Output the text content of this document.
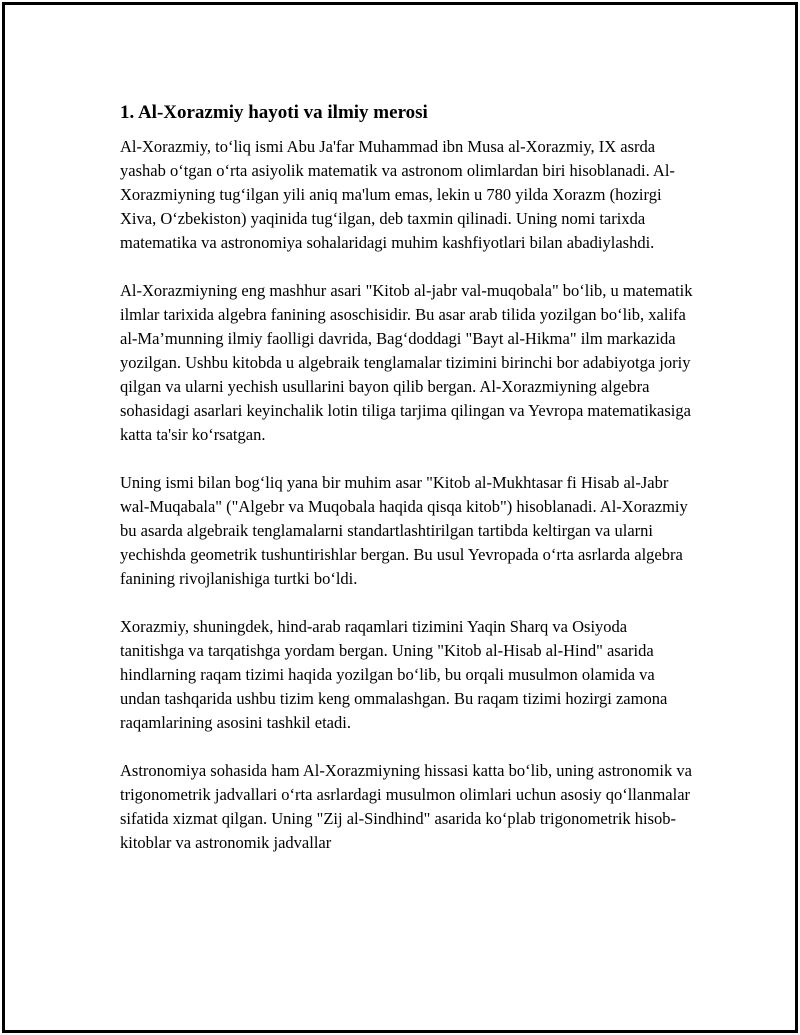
1. Al-Xorazmiy hayoti va ilmiy merosi

Al-Xorazmiy, to‘liq ismi Abu Ja'far Muhammad ibn Musa al-Xorazmiy, IX asrda yashab o‘tgan o‘rta asiyolik matematik va astronom olimlardan biri hisoblanadi. Al-Xorazmiyning tug‘ilgan yili aniq ma'lum emas, lekin u 780 yilda Xorazm (hozirgi Xiva, O‘zbekiston) yaqinida tug‘ilgan, deb taxmin qilinadi. Uning nomi tarixda matematika va astronomiya sohalaridagi muhim kashfiyotlari bilan abadiylashdi.

Al-Xorazmiyning eng mashhur asari "Kitob al-jabr val-muqobala" bo‘lib, u matematik ilmlar tarixida algebra fanining asoschisidir. Bu asar arab tilida yozilgan bo‘lib, xalifa al-Ma’munning ilmiy faolligi davrida, Bag‘doddagi "Bayt al-Hikma" ilm markazida yozilgan. Ushbu kitobda u algebraik tenglamalar tizimini birinchi bor adabiyotga joriy qilgan va ularni yechish usullarini bayon qilib bergan. Al-Xorazmiyning algebra sohasidagi asarlari keyinchalik lotin tiliga tarjima qilingan va Yevropa matematikasiga katta ta'sir ko‘rsatgan.

Uning ismi bilan bog‘liq yana bir muhim asar "Kitob al-Mukhtasar fi Hisab al-Jabr wal-Muqabala" ("Algebr va Muqobala haqida qisqa kitob") hisoblanadi. Al-Xorazmiy bu asarda algebraik tenglamalarni standartlashtirilgan tartibda keltirgan va ularni yechishda geometrik tushuntirishlar bergan. Bu usul Yevropada o‘rta asrlarda algebra fanining rivojlanishiga turtki bo‘ldi.

Xorazmiy, shuningdek, hind-arab raqamlari tizimini Yaqin Sharq va Osiyoda tanitishga va tarqatishga yordam bergan. Uning "Kitob al-Hisab al-Hind" asarida hindlarning raqam tizimi haqida yozilgan bo‘lib, bu orqali musulmon olamida va undan tashqarida ushbu tizim keng ommalashgan. Bu raqam tizimi hozirgi zamona raqamlarining asosini tashkil etadi.

Astronomiya sohasida ham Al-Xorazmiyning hissasi katta bo‘lib, uning astronomik va trigonometrik jadvallari o‘rta asrlardagi musulmon olimlari uchun asosiy qo‘llanmalar sifatida xizmat qilgan. Uning "Zij al-Sindhind" asarida ko‘plab trigonometrik hisob-kitoblar va astronomik jadvallar
